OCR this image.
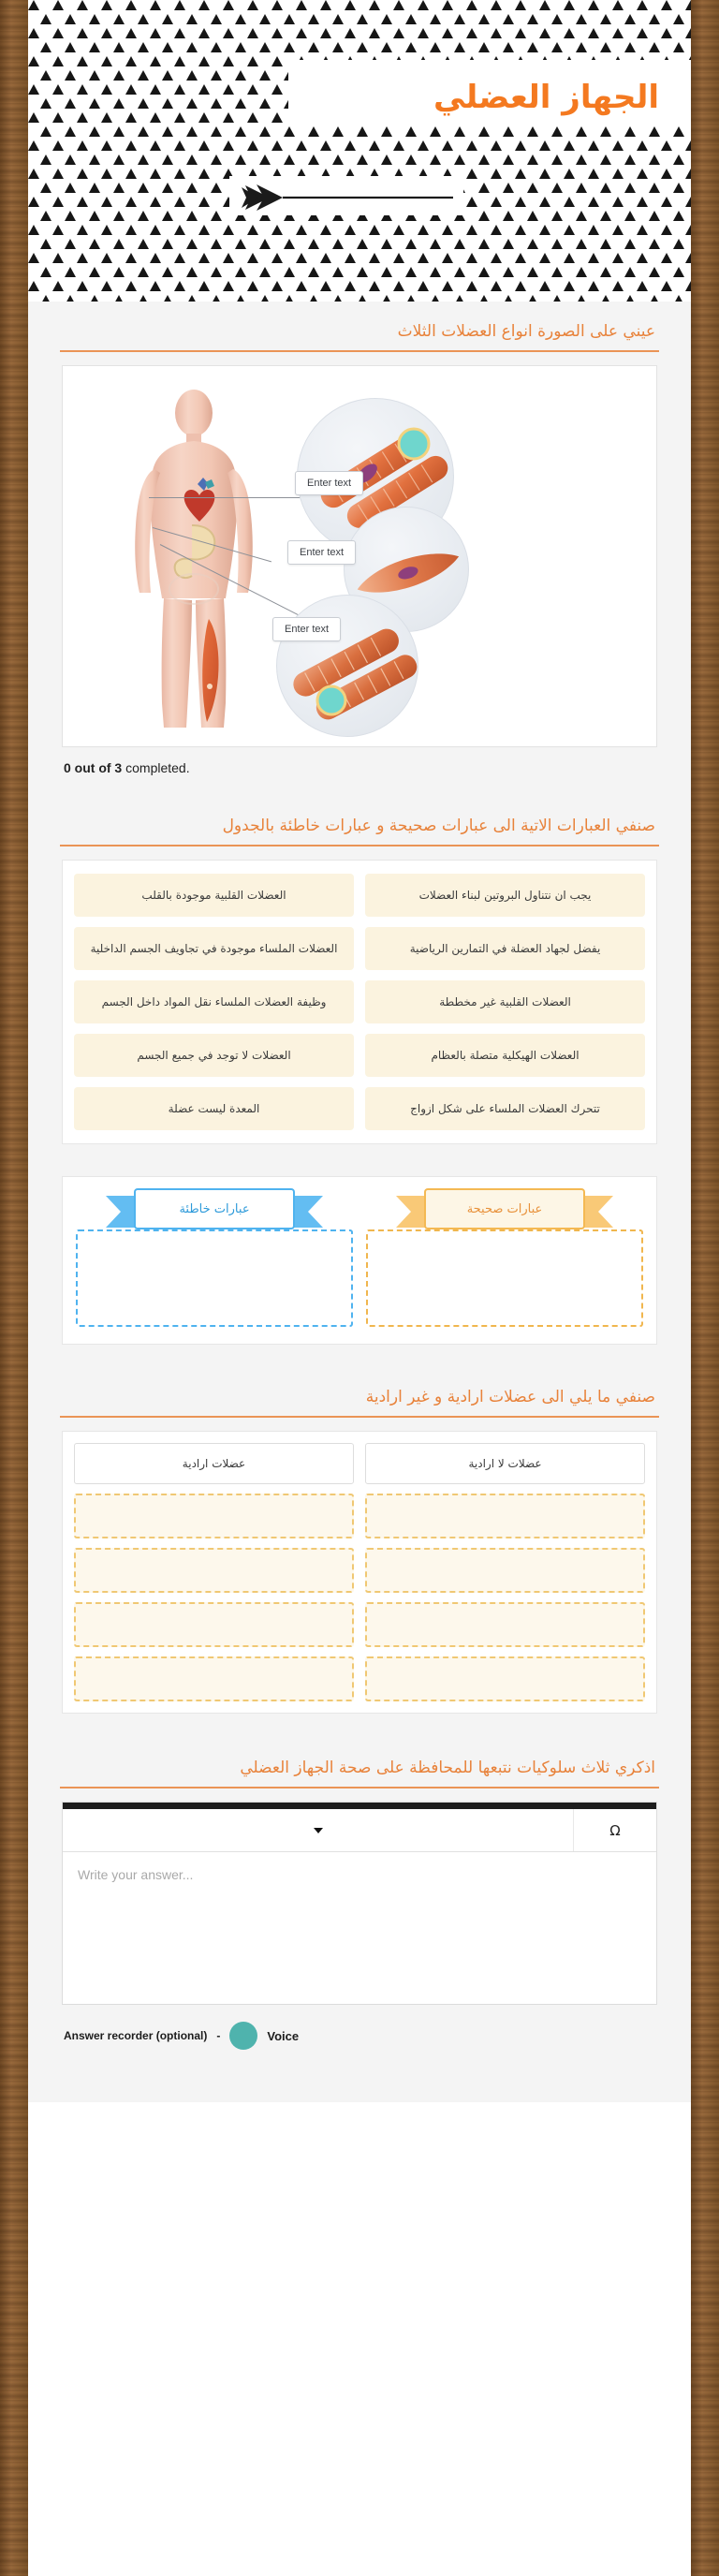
الجهاز العضلي
عيني على الصورة انواع العضلات الثلاث
Enter text
Enter text
Enter text
0 out of 3 completed.
صنفي العبارات الاتية الى عبارات صحيحة و عبارات خاطئة بالجدول
العضلات القلبية موجودة بالقلب	يجب ان نتناول البروتين لبناء العضلات
العضلات الملساء موجودة في تجاويف الجسم الداخلية	يفضل لجهاد العضلة في التمارين الرياضية
وظيفة العضلات الملساء نقل المواد داخل الجسم	العضلات القلبية غير مخططة
العضلات لا توجد في جميع الجسم	العضلات الهيكلية متصلة بالعظام
المعدة ليست عضلة	تتحرك العضلات الملساء على شكل ازواج
عبارات خاطئة	عبارات صحيحة
صنفي ما يلي الى عضلات ارادية و غير ارادية
عضلات ارادية	عضلات لا ارادية
اذكري ثلاث سلوكيات نتبعها للمحافظة على صحة الجهاز العضلي
Ω
Write your answer...
Answer recorder (optional) -	Voice
